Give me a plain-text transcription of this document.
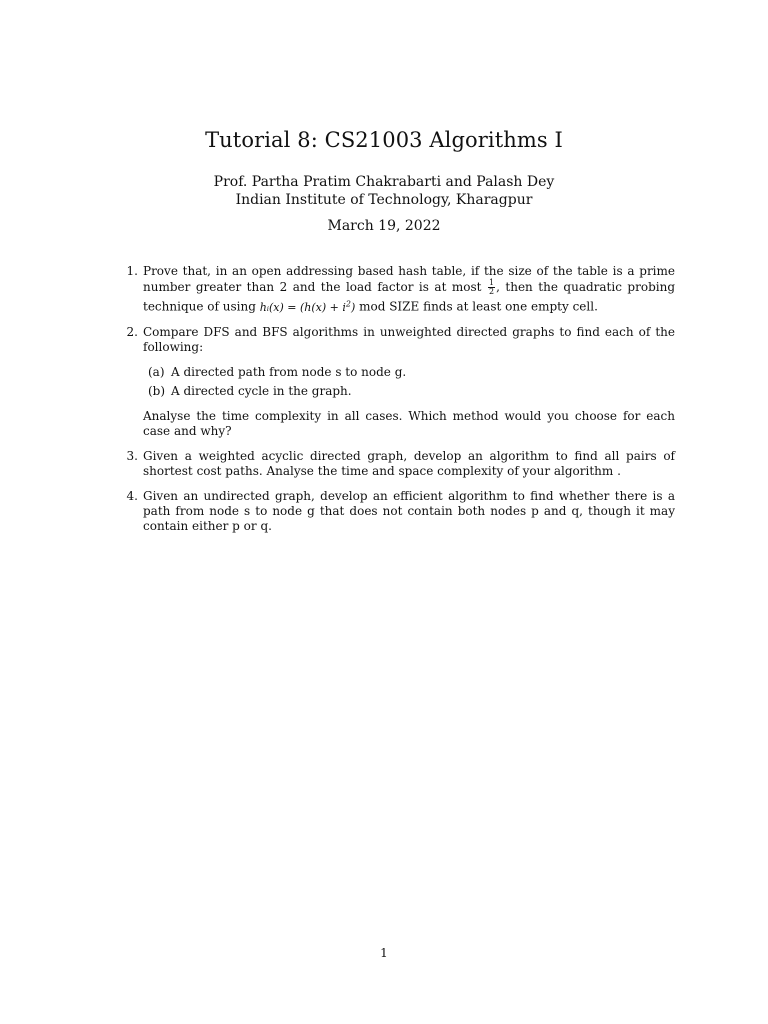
Tutorial 8: CS21003 Algorithms I
Prof. Partha Pratim Chakrabarti and Palash Dey
Indian Institute of Technology, Kharagpur
March 19, 2022
1. Prove that, in an open addressing based hash table, if the size of the table is a prime number greater than 2 and the load factor is at most $\frac{1}{2}$ , then the quadratic probing technique of using hᵢ(x) = $(h(x) + i^2)$ mod SIZE finds at least one empty cell.
2. Compare DFS and BFS algorithms in unweighted directed graphs to find each of the following:
(a) A directed path from node s to node g.
(b) A directed cycle in the graph.
Analyse the time complexity in all cases. Which method would you choose for each case and why?
3. Given a weighted acyclic directed graph, develop an algorithm to find all pairs of shortest cost paths. Analyse the time and space complexity of your algorithm .
4. Given an undirected graph, develop an efficient algorithm to find whether there is a path from node s to node g that does not contain both nodes p and q, though it may contain either p or q.
1
